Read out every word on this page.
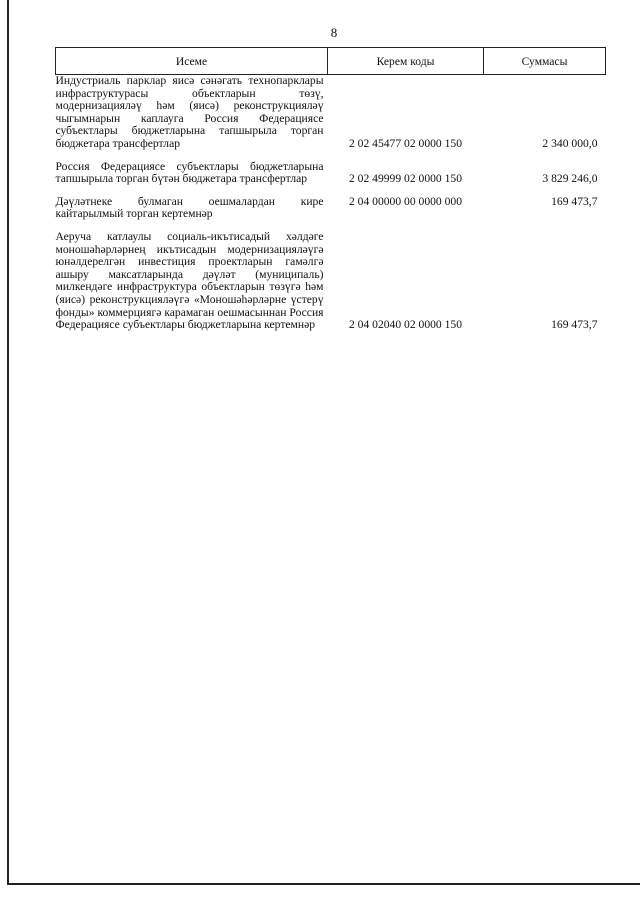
8
Исеме	Керем коды	Суммасы
Индустриаль парклар яисә сәнәгать технопарклары инфраструктурасы объектларын төзү, модернизацияләү һәм (яисә) реконструкцияләү чыгымнарын каплауга Россия Федерациясе субъектлары бюджетларына тапшырыла торган бюджетара трансфертлар	2 02 45477 02 0000 150	2 340 000,0
Россия Федерациясе субъектлары бюджетларына тапшырыла торган бүтән бюджетара трансфертлар	2 02 49999 02 0000 150	3 829 246,0
Дәүләтнеке булмаган оешмалардан кире кайтарылмый торган кертемнәр	2 04 00000 00 0000 000	169 473,7
Аеруча катлаулы социаль-икътисадый хәлдәге моношәһәрләрнең икътисадын модернизацияләүгә юнәлдерелгән инвестиция проектларын гамәлгә ашыру максатларында дәүләт (муниципаль) милкендәге инфраструктура объектларын төзүгә һәм (яисә) реконструкцияләүгә «Моношәһәрләрне үстерү фонды» коммерциягә карамаган оешмасыннан Россия Федерациясе субъектлары бюджетларына кертемнәр	2 04 02040 02 0000 150	169 473,7
